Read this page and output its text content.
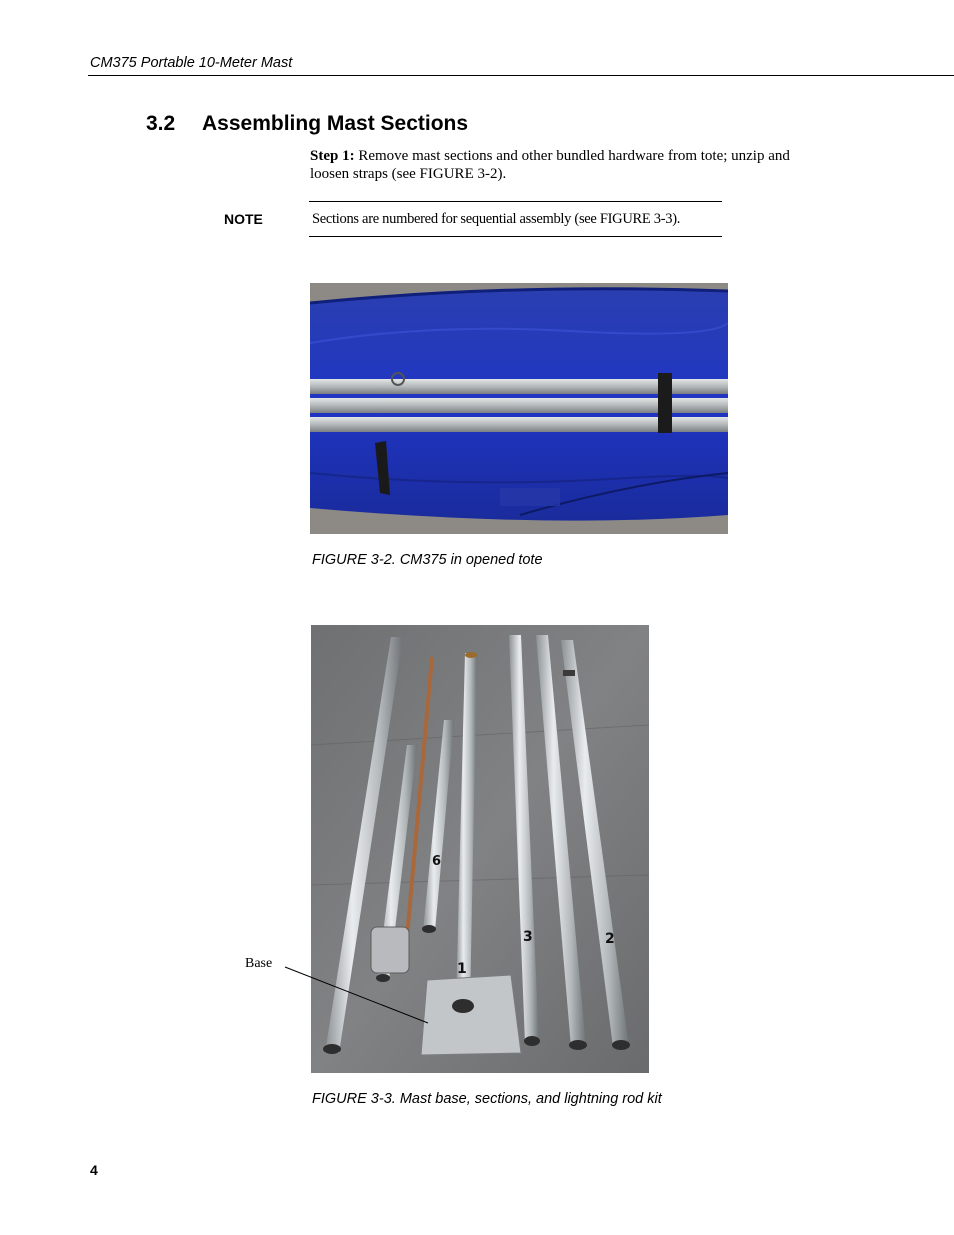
CM375 Portable 10-Meter Mast
3.2 Assembling Mast Sections
Step 1: Remove mast sections and other bundled hardware from tote; unzip and loosen straps (see FIGURE 3-2).
NOTE	Sections are numbered for sequential assembly (see FIGURE 3-3).
FIGURE 3-2. CM375 in opened tote
6
1
3	2
Base
FIGURE 3-3. Mast base, sections, and lightning rod kit
4
